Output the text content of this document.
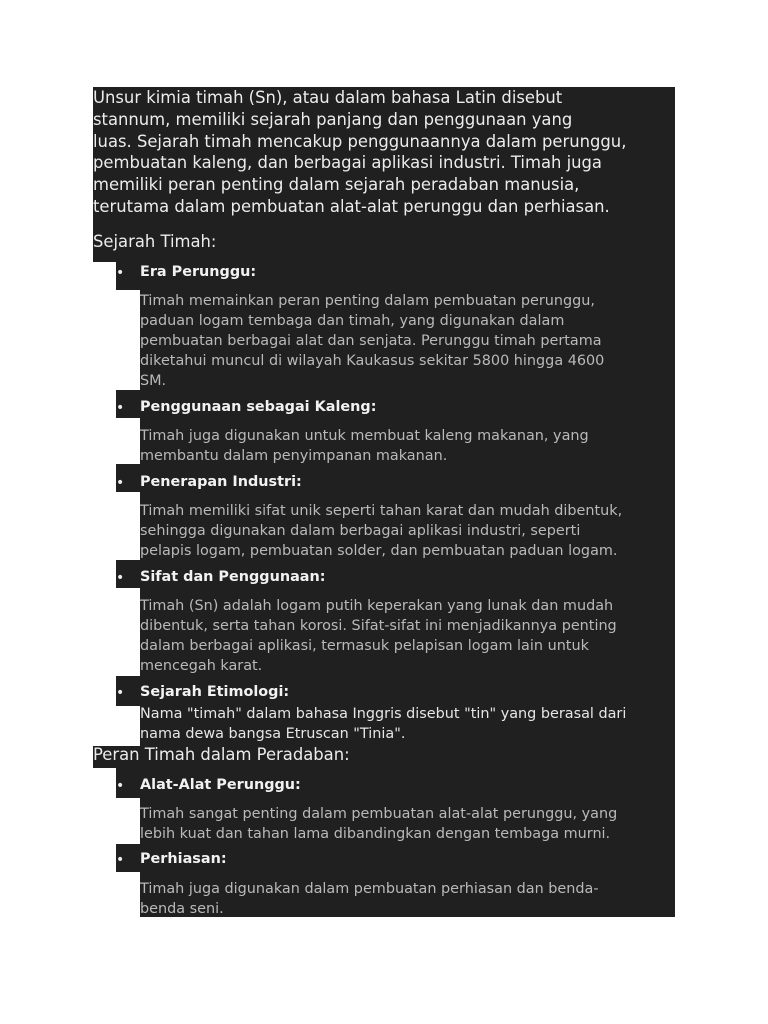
Unsur kimia timah (Sn), atau dalam bahasa Latin disebut

stannum, memiliki sejarah panjang dan penggunaan yang

luas. Sejarah timah mencakup penggunaannya dalam perunggu,

pembuatan kaleng, dan berbagai aplikasi industri. Timah juga

memiliki peran penting dalam sejarah peradaban manusia,

terutama dalam pembuatan alat-alat perunggu dan perhiasan.

Sejarah Timah:

• Era Perunggu:

Timah memainkan peran penting dalam pembuatan perunggu,

paduan logam tembaga dan timah, yang digunakan dalam

pembuatan berbagai alat dan senjata. Perunggu timah pertama

diketahui muncul di wilayah Kaukasus sekitar 5800 hingga 4600

SM.

• Penggunaan sebagai Kaleng:

Timah juga digunakan untuk membuat kaleng makanan, yang

membantu dalam penyimpanan makanan.

• Penerapan Industri:

Timah memiliki sifat unik seperti tahan karat dan mudah dibentuk,

sehingga digunakan dalam berbagai aplikasi industri, seperti

pelapis logam, pembuatan solder, dan pembuatan paduan logam.

• Sifat dan Penggunaan:

Timah (Sn) adalah logam putih keperakan yang lunak dan mudah

dibentuk, serta tahan korosi. Sifat-sifat ini menjadikannya penting

dalam berbagai aplikasi, termasuk pelapisan logam lain untuk

mencegah karat.

• Sejarah Etimologi:

Nama "timah" dalam bahasa Inggris disebut "tin" yang berasal dari

nama dewa bangsa Etruscan "Tinia".

Peran Timah dalam Peradaban:

• Alat-Alat Perunggu:

Timah sangat penting dalam pembuatan alat-alat perunggu, yang

lebih kuat dan tahan lama dibandingkan dengan tembaga murni.

• Perhiasan:

Timah juga digunakan dalam pembuatan perhiasan dan benda-

benda seni.
